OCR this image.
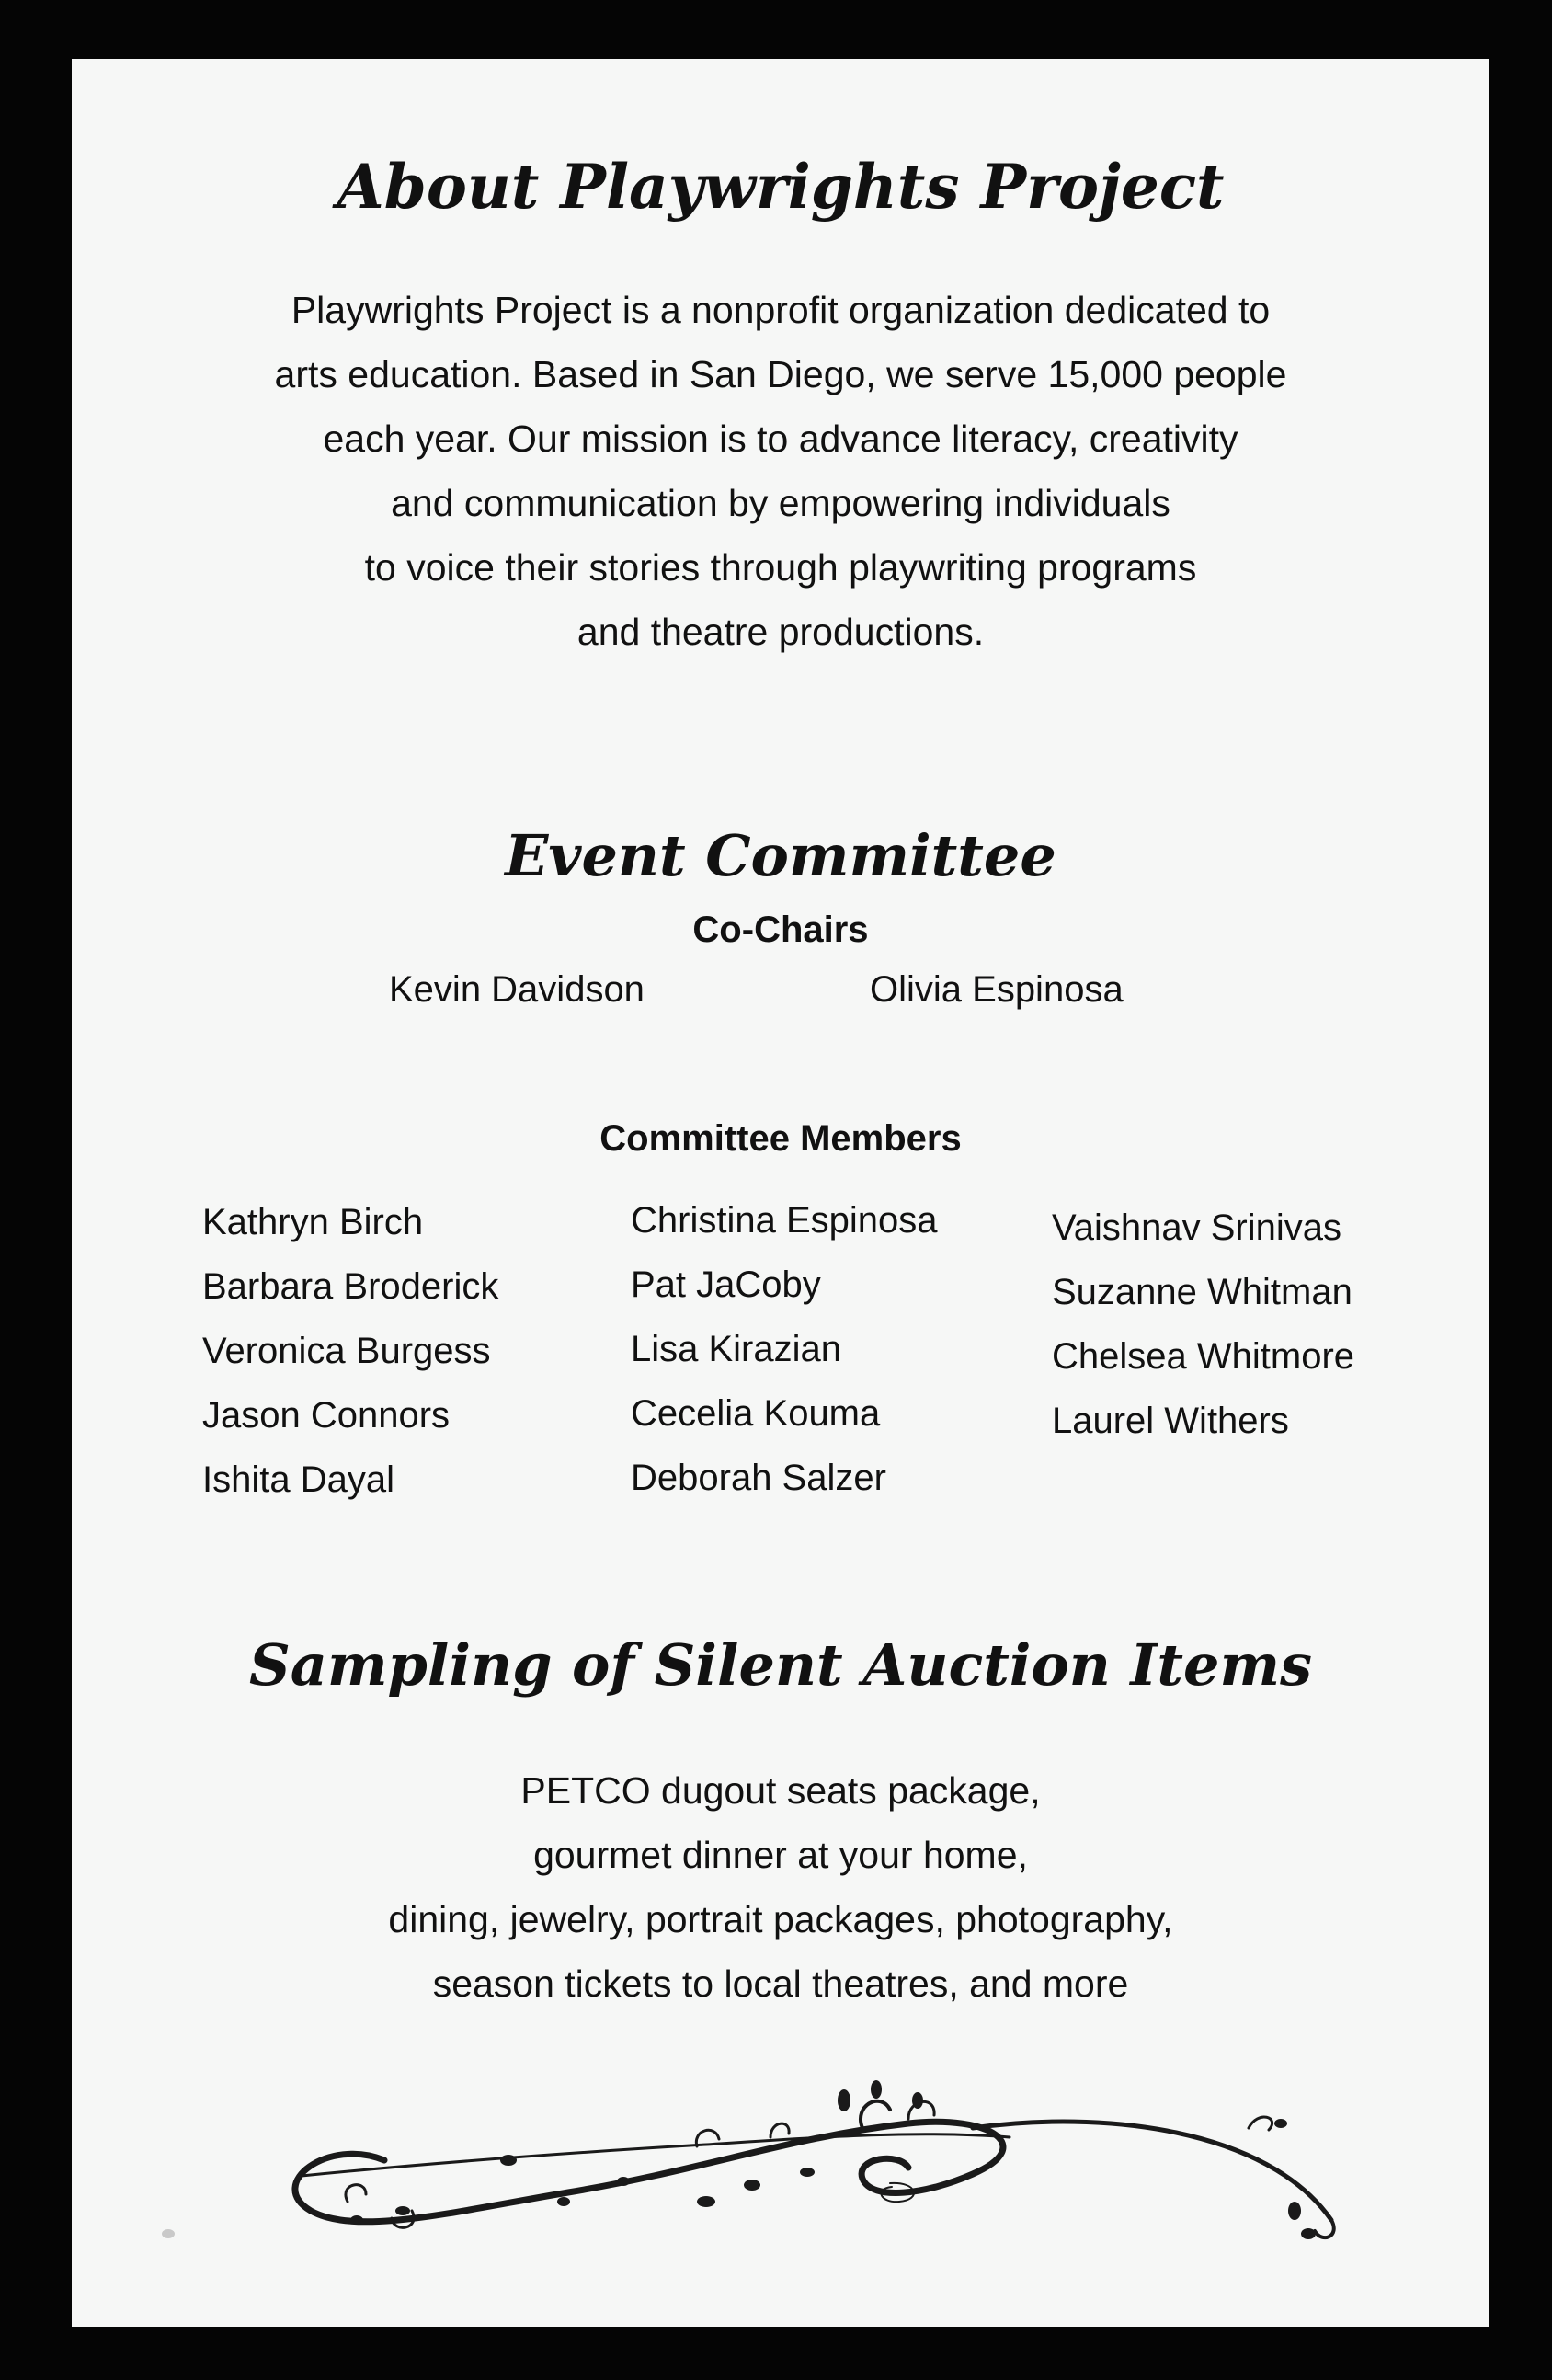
About Playwrights Project

Playwrights Project is a nonprofit organization dedicated to
arts education. Based in San Diego, we serve 15,000 people
each year. Our mission is to advance literacy, creativity
and communication by empowering individuals
to voice their stories through playwriting programs
and theatre productions.

Event Committee
Co-Chairs
Kevin Davidson	Olivia Espinosa
Committee Members
Kathryn Birch
Barbara Broderick
Veronica Burgess
Jason Connors
Ishita Dayal
Christina Espinosa
Pat JaCoby
Lisa Kirazian
Cecelia Kouma
Deborah Salzer
Vaishnav Srinivas
Suzanne Whitman
Chelsea Whitmore
Laurel Withers
Sampling of Silent Auction Items

PETCO dugout seats package,
gourmet dinner at your home,
dining, jewelry, portrait packages, photography,
season tickets to local theatres, and more
